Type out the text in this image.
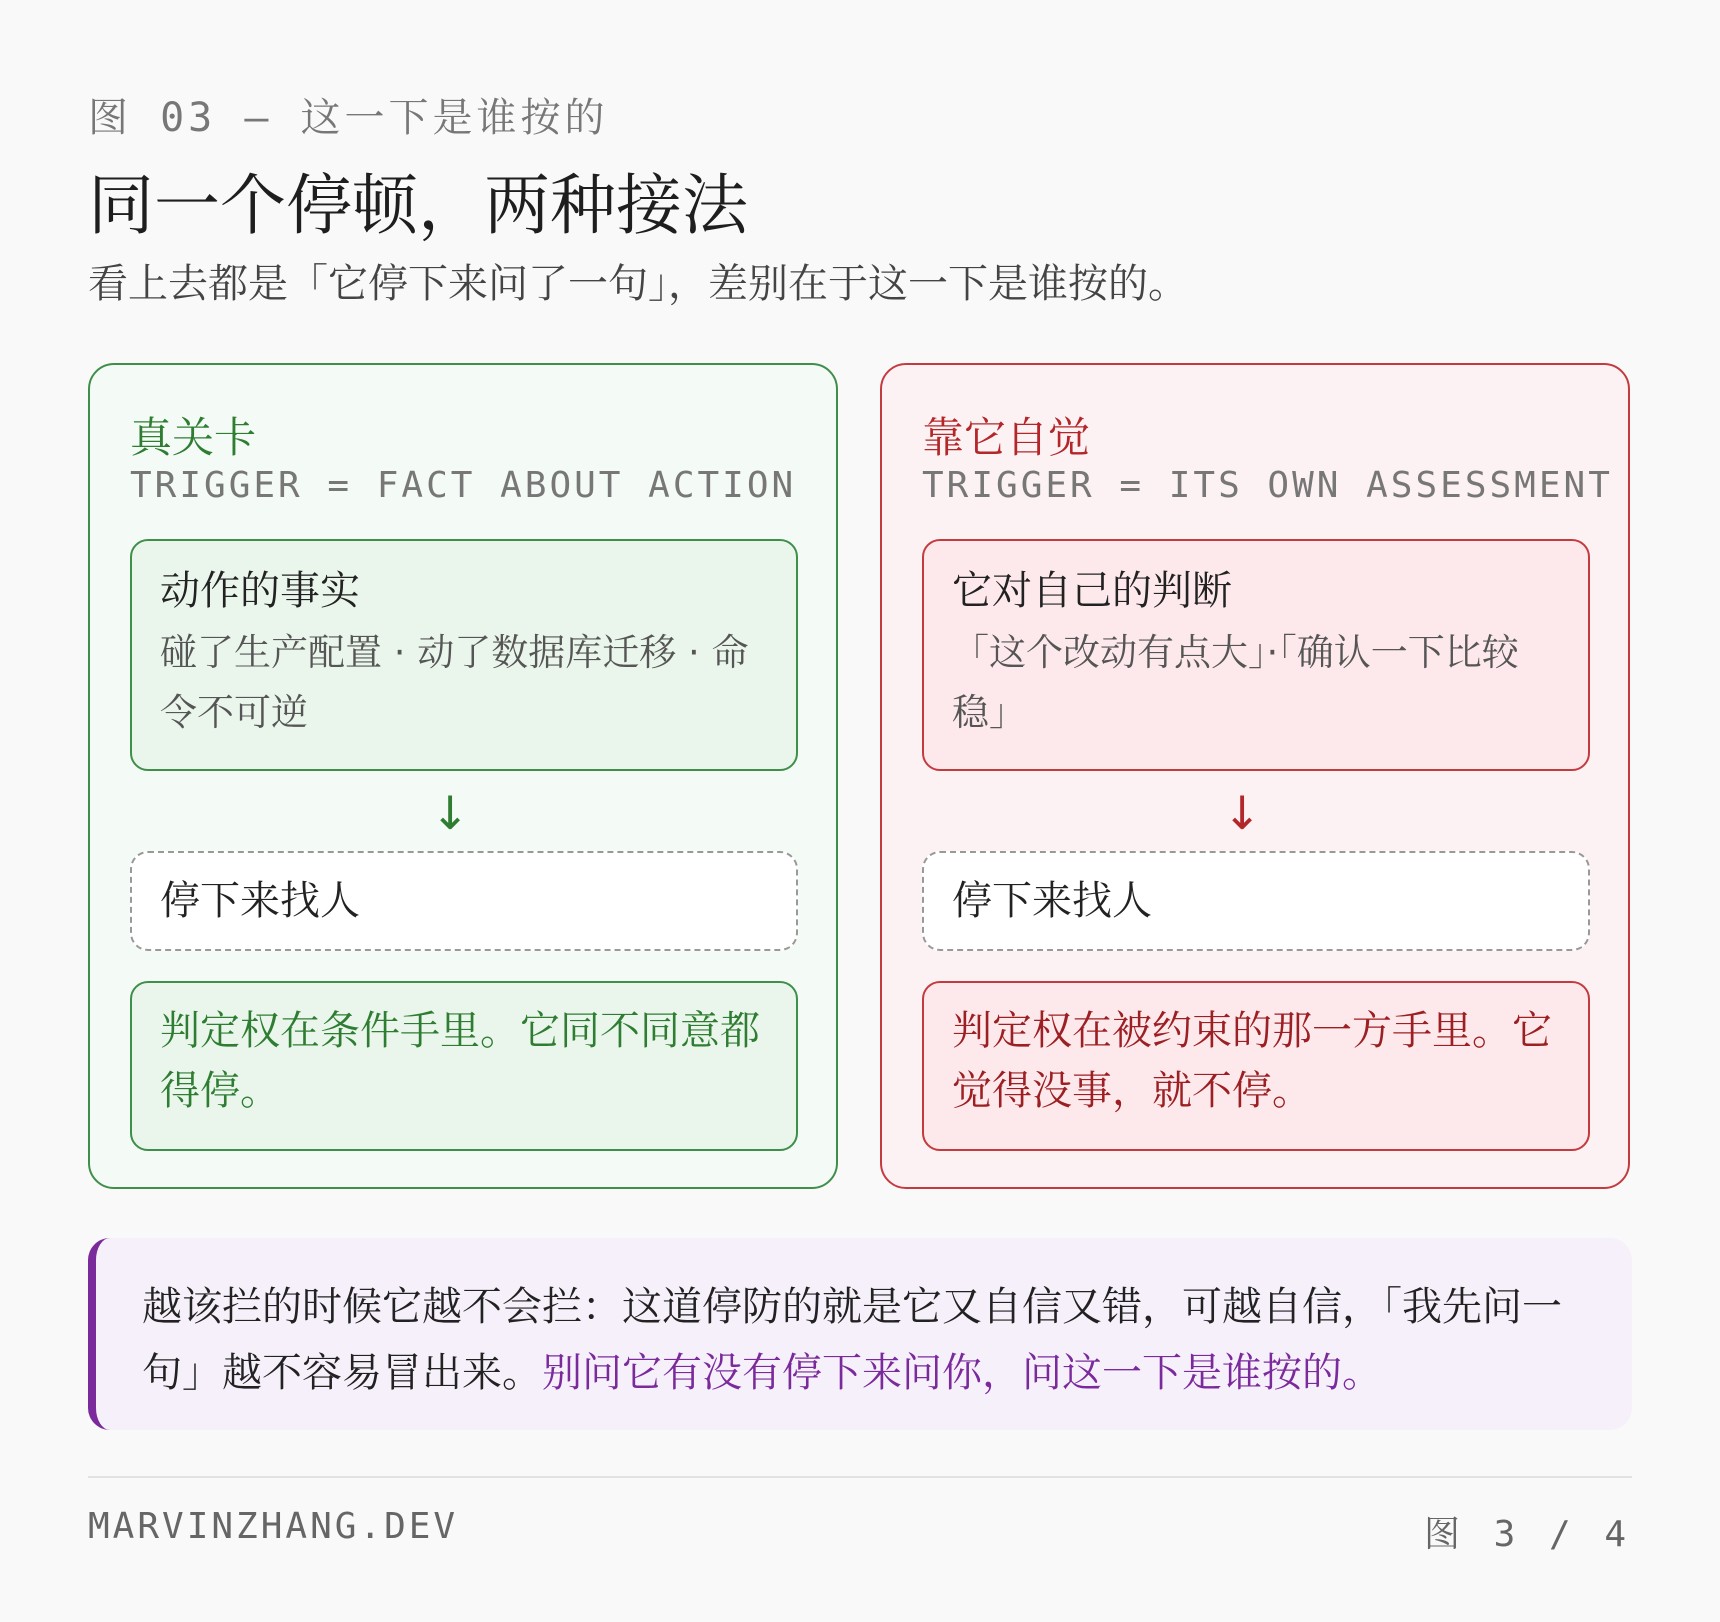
图 03 — 这一下是谁按的
同一个停顿，两种接法
看上去都是「它停下来问了一句」，差别在于这一下是谁按的。
真关卡
TRIGGER = FACT ABOUT ACTION
动作的事实
碰了生产配置 · 动了数据库迁移 · 命令不可逆
↓
停下来找人
判定权在条件手里。它同不同意都得停。
靠它自觉
TRIGGER = ITS OWN ASSESSMENT
它对自己的判断
「这个改动有点大」·「确认一下比较稳」
↓
停下来找人
判定权在被约束的那一方手里。它觉得没事，就不停。
越该拦的时候它越不会拦：这道停防的就是它又自信又错，可越自信，「我先问一句」越不容易冒出来。别问它有没有停下来问你，问这一下是谁按的。
MARVINZHANG.DEV	图 3 / 4
